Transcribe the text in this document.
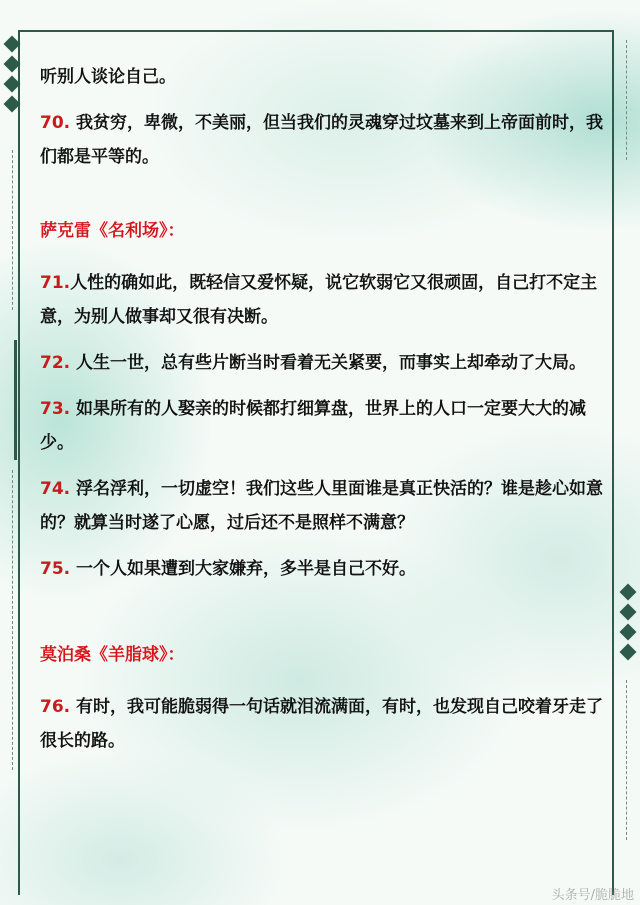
听别人谈论自己。

70. 我贫穷，卑微，不美丽，但当我们的灵魂穿过坟墓来到上帝面前时，我们都是平等的。

萨克雷《名利场》：

71.人性的确如此，既轻信又爱怀疑，说它软弱它又很顽固，自己打不定主意，为别人做事却又很有决断。

72. 人生一世，总有些片断当时看着无关紧要，而事实上却牵动了大局。

73. 如果所有的人娶亲的时候都打细算盘，世界上的人口一定要大大的减少。

74. 浮名浮利，一切虚空！我们这些人里面谁是真正快活的？谁是趁心如意的？就算当时遂了心愿，过后还不是照样不满意？

75. 一个人如果遭到大家嫌弃，多半是自己不好。

莫泊桑《羊脂球》：

76. 有时，我可能脆弱得一句话就泪流满面，有时，也发现自己咬着牙走了很长的路。

头条号/脆脆地
